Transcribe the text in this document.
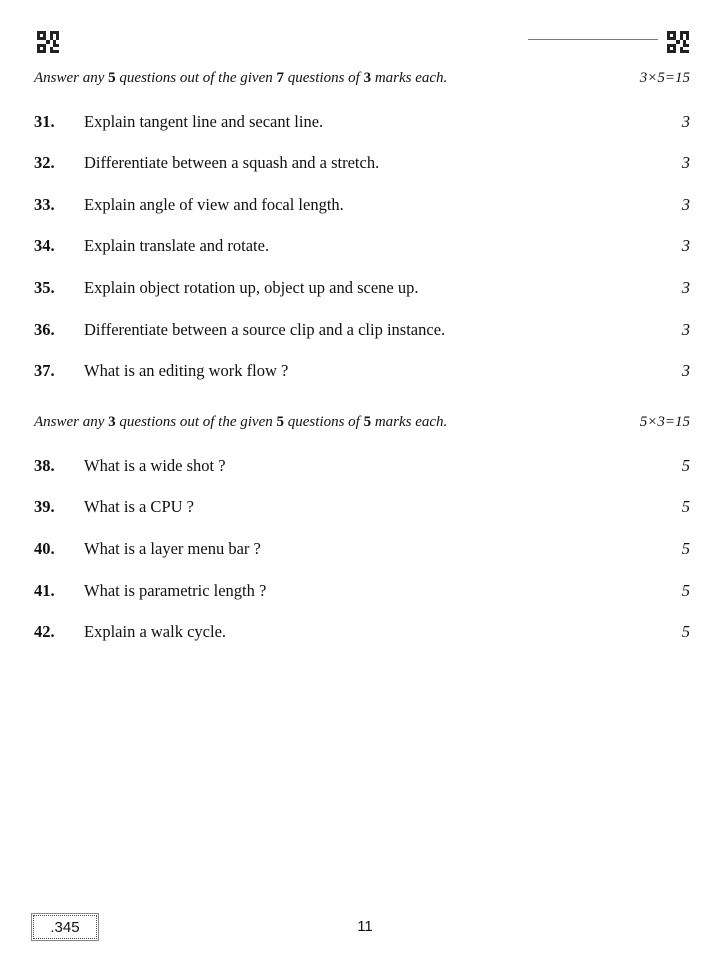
Answer any 5 questions out of the given 7 questions of 3 marks each.	3×5=15
31. Explain tangent line and secant line.	3
32. Differentiate between a squash and a stretch.	3
33. Explain angle of view and focal length.	3
34. Explain translate and rotate.	3
35. Explain object rotation up, object up and scene up.	3
36. Differentiate between a source clip and a clip instance.	3
37. What is an editing work flow ?	3
Answer any 3 questions out of the given 5 questions of 5 marks each.	5×3=15
38. What is a wide shot ?	5
39. What is a CPU ?	5
40. What is a layer menu bar ?	5
41. What is parametric length ?	5
42. Explain a walk cycle.	5
.345	11
